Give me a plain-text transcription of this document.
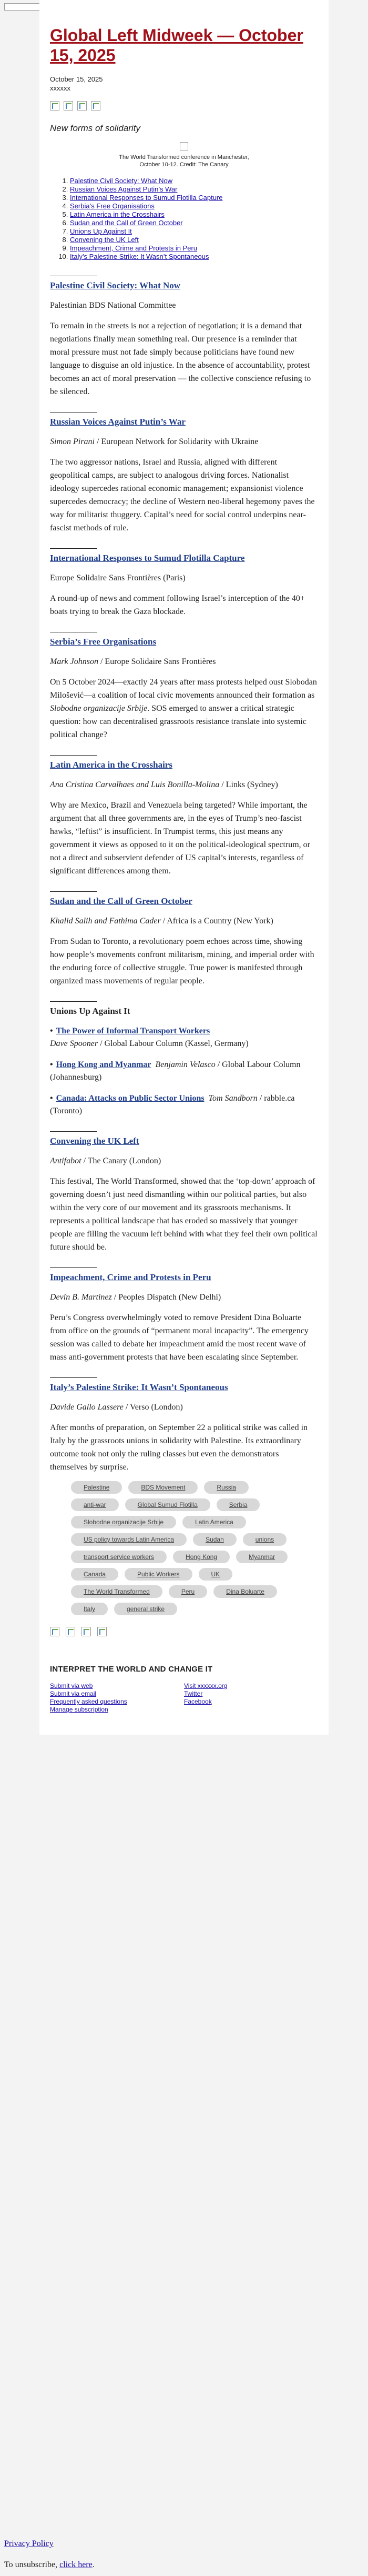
Global Left Midweek — October 15, 2025
October 15, 2025
xxxxxx
New forms of solidarity

The World Transformed conference in Manchester,
October 10-12. Credit: The Canary
1. Palestine Civil Society: What Now
2. Russian Voices Against Putin’s War
3. International Responses to Sumud Flotilla Capture
4. Serbia’s Free Organisations
5. Latin America in the Crosshairs
6. Sudan and the Call of Green October
7. Unions Up Against It
8. Convening the UK Left
9. Impeachment, Crime and Protests in Peru
10. Italy’s Palestine Strike: It Wasn’t Spontaneous
Palestine Civil Society: What Now
Palestinian BDS National Committee

To remain in the streets is not a rejection of negotiation; it is a demand that negotiations finally mean something real. Our presence is a reminder that moral pressure must not fade simply because politicians have found new language to disguise an old injustice. In the absence of accountability, protest becomes an act of moral preservation — the collective conscience refusing to be silenced.

Russian Voices Against Putin’s War
Simon Pirani / European Network for Solidarity with Ukraine

The two aggressor nations, Israel and Russia, aligned with different geopolitical camps, are subject to analogous driving forces. Nationalist ideology supercedes rational economic management; expansionist violence supercedes democracy; the decline of Western neo-liberal hegemony paves the way for militarist thuggery. Capital’s need for social control underpins near-fascist methods of rule.

International Responses to Sumud Flotilla Capture
Europe Solidaire Sans Frontières (Paris)

A round-up of news and comment following Israel’s interception of the 40+ boats trying to break the Gaza blockade.

Serbia’s Free Organisations
Mark Johnson / Europe Solidaire Sans Frontières

On 5 October 2024—exactly 24 years after mass protests helped oust Slobodan Milošević—a coalition of local civic movements announced their formation as Slobodne organizacije Srbije. SOS emerged to answer a critical strategic question: how can decentralised grassroots resistance translate into systemic political change?

Latin America in the Crosshairs
Ana Cristina Carvalhaes and Luis Bonilla-Molina / Links (Sydney)

Why are Mexico, Brazil and Venezuela being targeted? While important, the argument that all three governments are, in the eyes of Trump’s neo-fascist hawks, “leftist” is insufficient. In Trumpist terms, this just means any government it views as opposed to it on the political-ideological spectrum, or not a direct and subservient defender of US capital’s interests, regardless of significant differences among them.

Sudan and the Call of Green October
Khalid Salih and Fathima Cader / Africa is a Country (New York)

From Sudan to Toronto, a revolutionary poem echoes across time, showing how people’s movements confront militarism, mining, and imperial order with the enduring force of collective struggle. True power is manifested through organized mass movements of regular people.

Unions Up Against It
• The Power of Informal Transport Workers
Dave Spooner / Global Labour Column (Kassel, Germany)
• Hong Kong and Myanmar Benjamin Velasco / Global Labour Column (Johannesburg)
• Canada: Attacks on Public Sector Unions Tom Sandborn / rabble.ca (Toronto)
Convening the UK Left
Antifabot / The Canary (London)

This festival, The World Transformed, showed that the ‘top-down’ approach of governing doesn’t just need dismantling within our political parties, but also within the very core of our movement and its grassroots mechanisms. It represents a political landscape that has eroded so massively that younger people are filling the vacuum left behind with what they feel their own political future should be.

Impeachment, Crime and Protests in Peru
Devin B. Martinez / Peoples Dispatch (New Delhi)

Peru’s Congress overwhelmingly voted to remove President Dina Boluarte from office on the grounds of “permanent moral incapacity”. The emergency session was called to debate her impeachment amid the most recent wave of mass anti-government protests that have been escalating since September.

Italy’s Palestine Strike: It Wasn’t Spontaneous
Davide Gallo Lassere / Verso (London)

After months of preparation, on September 22 a political strike was called in Italy by the grassroots unions in solidarity with Palestine. Its extraordinary outcome took not only the ruling classes but even the demonstrators themselves by surprise.

Palestine	BDS Movement	Russia
anti-war	Global Sumud Flotilla	Serbia
Slobodne organizacije Srbije	Latin America
US policy towards Latin America	Sudan	unions
transport service workers	Hong Kong	Myanmar
Canada	Public Workers	UK
The World Transformed	Peru	Dina Boluarte
Italy	general strike
INTERPRET THE WORLD AND CHANGE IT
Submit via web
Submit via email
Frequently asked questions
Manage subscription
Visit xxxxxx.org
Twitter
Facebook
Privacy Policy
To unsubscribe, click here.
